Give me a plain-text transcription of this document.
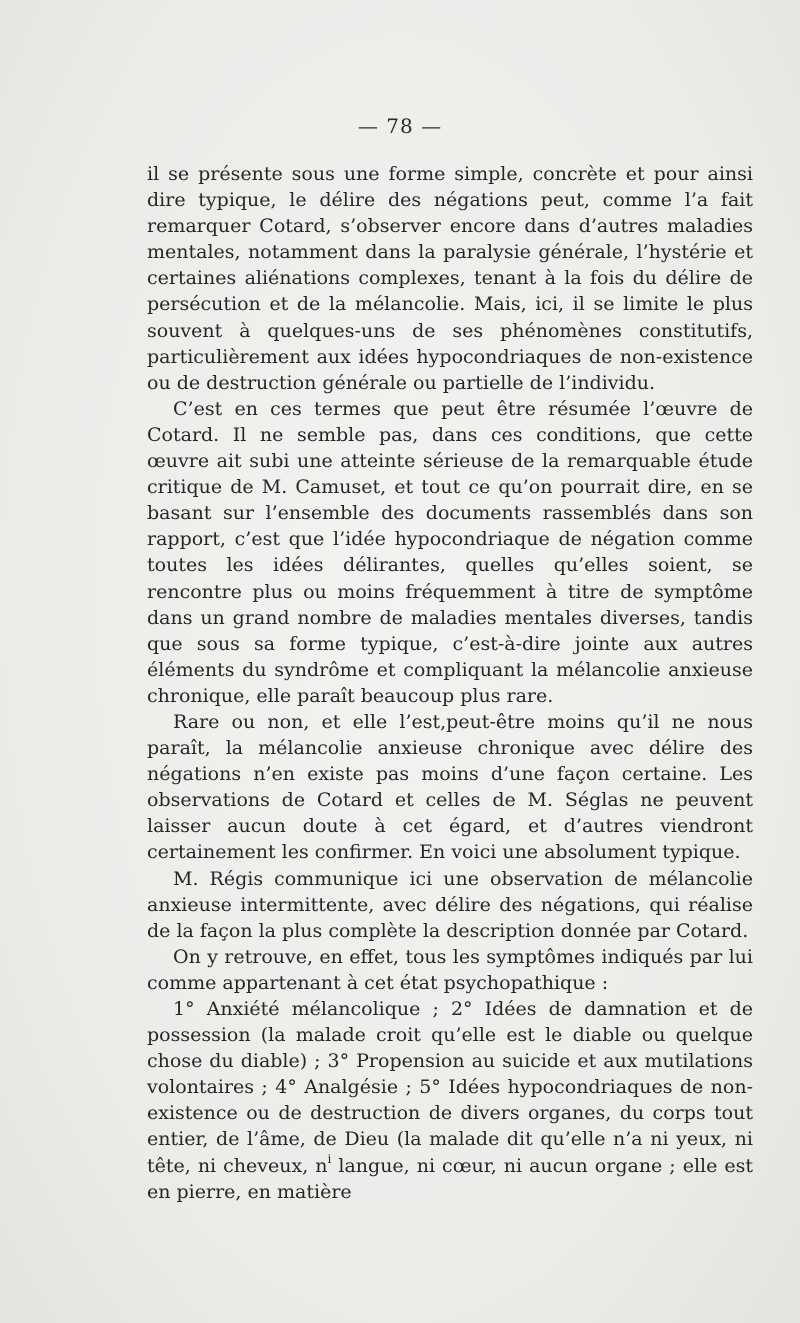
— 78 —

il se présente sous une forme simple, concrète et pour ainsi dire typique, le délire des négations peut, comme l’a fait remarquer Cotard, s’observer encore dans d’autres maladies mentales, notamment dans la paralysie générale, l’hystérie et certaines aliénations complexes, tenant à la fois du délire de persécution et de la mélancolie. Mais, ici, il se limite le plus souvent à quelques-uns de ses phénomènes constitutifs, particulièrement aux idées hypocondriaques de non-existence ou de destruction générale ou partielle de l’individu.

C’est en ces termes que peut être résumée l’œuvre de Cotard. Il ne semble pas, dans ces conditions, que cette œuvre ait subi une atteinte sérieuse de la remarquable étude critique de M. Camuset, et tout ce qu’on pourrait dire, en se basant sur l’ensemble des documents rassemblés dans son rapport, c’est que l’idée hypocondriaque de négation comme toutes les idées délirantes, quelles qu’elles soient, se rencontre plus ou moins fréquemment à titre de symptôme dans un grand nombre de maladies mentales diverses, tandis que sous sa forme typique, c’est-à-dire jointe aux autres éléments du syndrôme et compliquant la mélancolie anxieuse chronique, elle paraît beaucoup plus rare.

Rare ou non, et elle l’est,peut-être moins qu’il ne nous paraît, la mélancolie anxieuse chronique avec délire des négations n’en existe pas moins d’une façon certaine. Les observations de Cotard et celles de M. Séglas ne peuvent laisser aucun doute à cet égard, et d’autres viendront certainement les confirmer. En voici une absolument typique.

M. Régis communique ici une observation de mélancolie anxieuse intermittente, avec délire des négations, qui réalise de la façon la plus complète la description donnée par Cotard.

On y retrouve, en effet, tous les symptômes indiqués par lui comme appartenant à cet état psychopathique :

1° Anxiété mélancolique ; 2° Idées de damnation et de possession (la malade croit qu’elle est le diable ou quelque chose du diable) ; 3° Propension au suicide et aux mutilations volontaires ; 4° Analgésie ; 5° Idées hypocondriaques de non-existence ou de destruction de divers organes, du corps tout entier, de l’âme, de Dieu (la malade dit qu’elle n’a ni yeux, ni tête, ni cheveux, $n^i$ langue, ni cœur, ni aucun organe ; elle est en pierre, en matière
